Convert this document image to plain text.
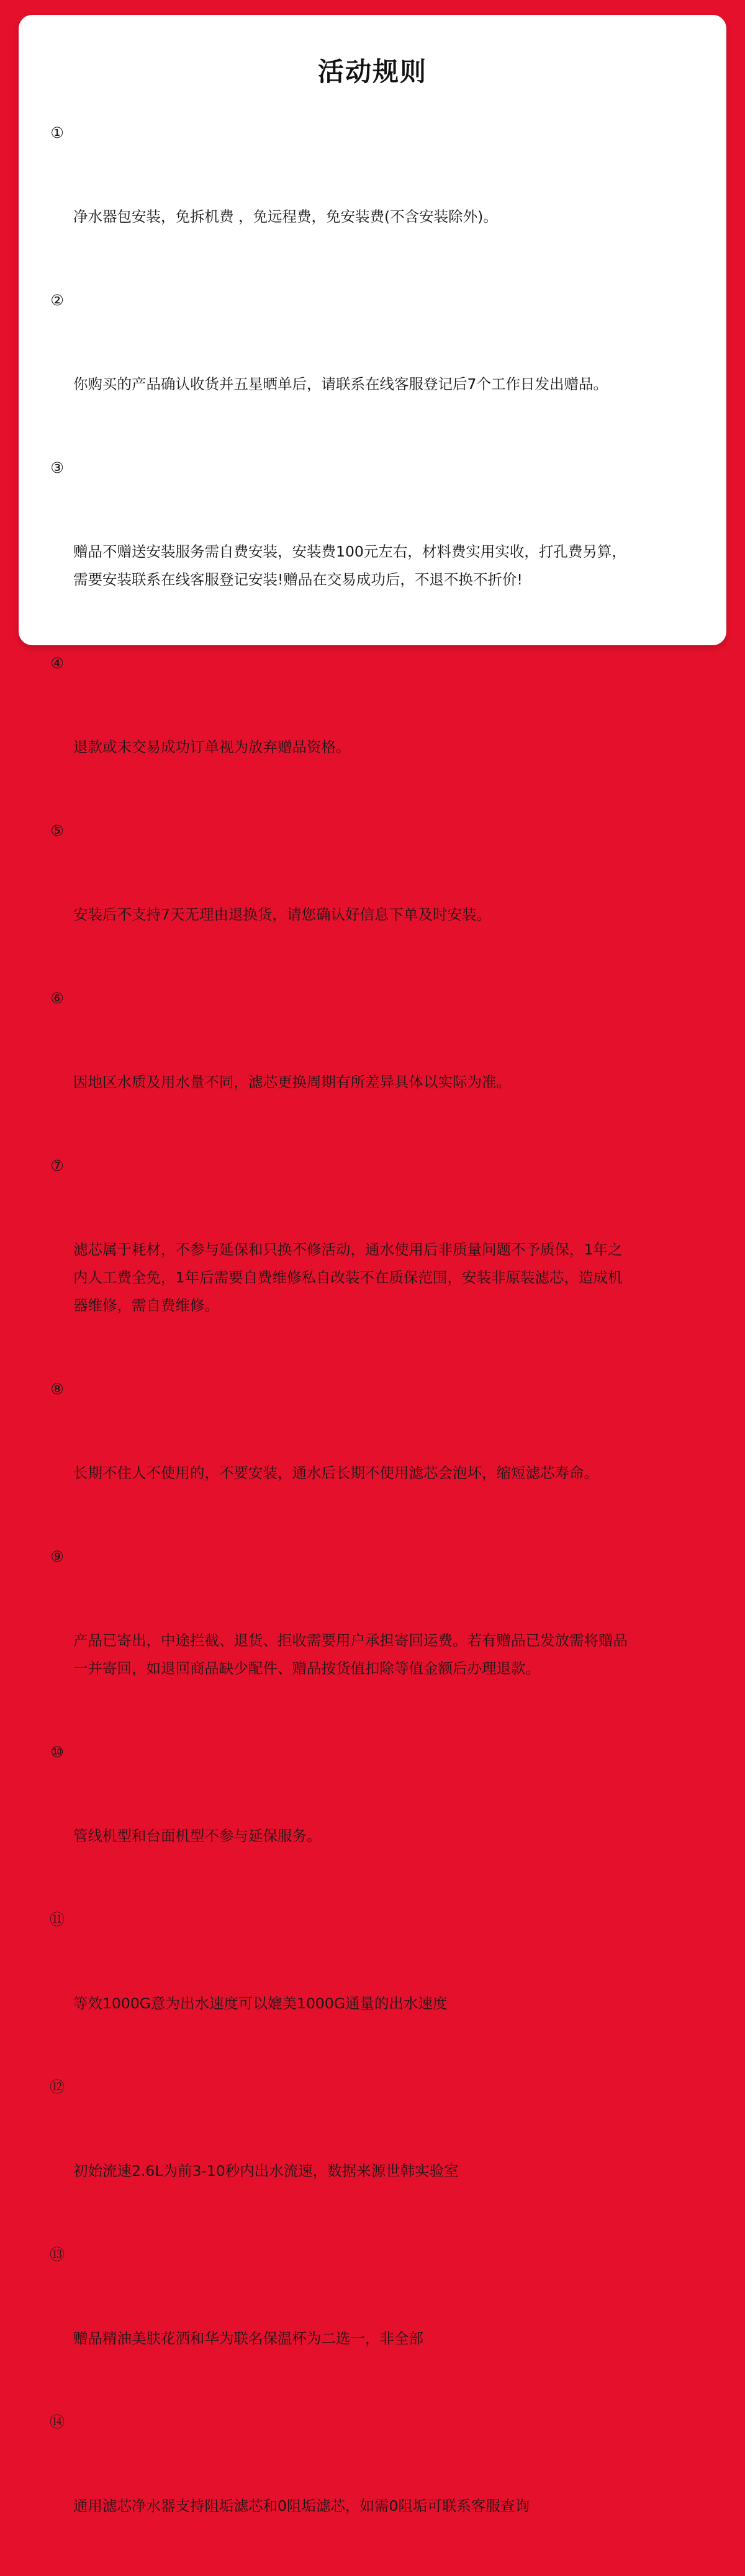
活动规则

①

净水器包安装，免拆机费 ，免远程费，免安装费(不含安装除外)。

②

你购买的产品确认收货并五星晒单后，请联系在线客服登记后7个工作日发出赠品。

③

赠品不赠送安装服务需自费安装，安装费100元左右，材料费实用实收，打孔费另算，
需要安装联系在线客服登记安装!赠品在交易成功后，不退不换不折价!

④

退款或未交易成功订单视为放弃赠品资格。

⑤

安装后不支持7天无理由退换货，请您确认好信息下单及时安装。

⑥

因地区水质及用水量不同，滤芯更换周期有所差异具体以实际为准。

⑦

滤芯属于耗材，不参与延保和只换不修活动，通水使用后非质量问题不予质保，1年之
内人工费全免，1年后需要自费维修私自改装不在质保范围，安装非原装滤芯，造成机
器维修，需自费维修。

⑧

长期不住人不使用的，不要安装，通水后长期不使用滤芯会泡坏，缩短滤芯寿命。

⑨

产品已寄出，中途拦截、退货、拒收需要用户承担寄回运费。若有赠品已发放需将赠品
一并寄回，如退回商品缺少配件、赠品按货值扣除等值金额后办理退款。

⑩

管线机型和台面机型不参与延保服务。

⑪

等效1000G意为出水速度可以媲美1000G通量的出水速度

⑫

初始流速2.6L为前3-10秒内出水流速，数据来源世韩实验室

⑬

赠品精油美肤花洒和华为联名保温杯为二选一，非全部

⑭

通用滤芯净水器支持阻垢滤芯和0阻垢滤芯，如需0阻垢可联系客服查询
